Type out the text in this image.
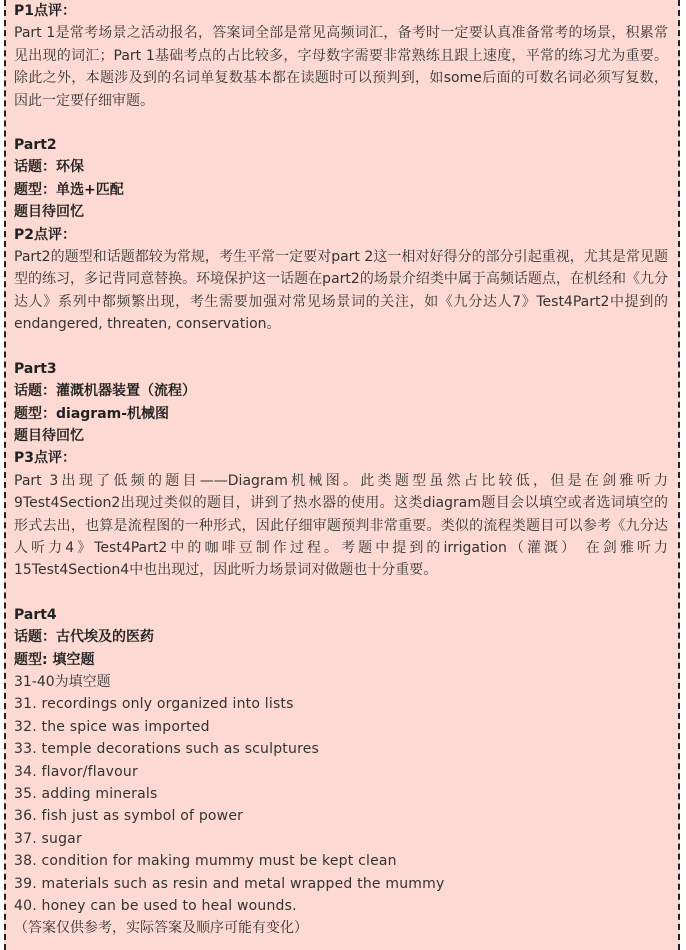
P1点评：
Part 1是常考场景之活动报名，答案词全部是常见高频词汇，备考时一定要认真准备常考的场景，积累常见出现的词汇；Part 1基础考点的占比较多，字母数字需要非常熟练且跟上速度，平常的练习尤为重要。除此之外，本题涉及到的名词单复数基本都在读题时可以预判到，如some后面的可数名词必须写复数，因此一定要仔细审题。
Part2
话题：环保
题型：单选+匹配
题目待回忆
P2点评：
Part2的题型和话题都较为常规，考生平常一定要对part 2这一相对好得分的部分引起重视，尤其是常见题型的练习，多记背同意替换。环境保护这一话题在part2的场景介绍类中属于高频话题点，在机经和《九分达人》系列中都频繁出现，考生需要加强对常见场景词的关注，如《九分达人7》Test4Part2中提到的endangered, threaten, conservation。
Part3
话题：灌溉机器装置（流程）
题型：diagram-机械图
题目待回忆
P3点评：
Part 3出现了低频的题目——Diagram机械图。此类题型虽然占比较低，但是在剑雅听力9Test4Section2出现过类似的题目，讲到了热水器的使用。这类diagram题目会以填空或者选词填空的形式去出，也算是流程图的一种形式，因此仔细审题预判非常重要。类似的流程类题目可以参考《九分达人听力4》Test4Part2中的咖啡豆制作过程。考题中提到的irrigation（灌溉） 在剑雅听力15Test4Section4中也出现过，因此听力场景词对做题也十分重要。
Part4
话题：古代埃及的医药
题型: 填空题
31-40为填空题
31. recordings only organized into lists
32. the spice was imported
33. temple decorations such as sculptures
34. flavor/flavour
35. adding minerals
36. fish just as symbol of power
37. sugar
38. condition for making mummy must be kept clean
39. materials such as resin and metal wrapped the mummy
40. honey can be used to heal wounds.
（答案仅供参考，实际答案及顺序可能有变化）
